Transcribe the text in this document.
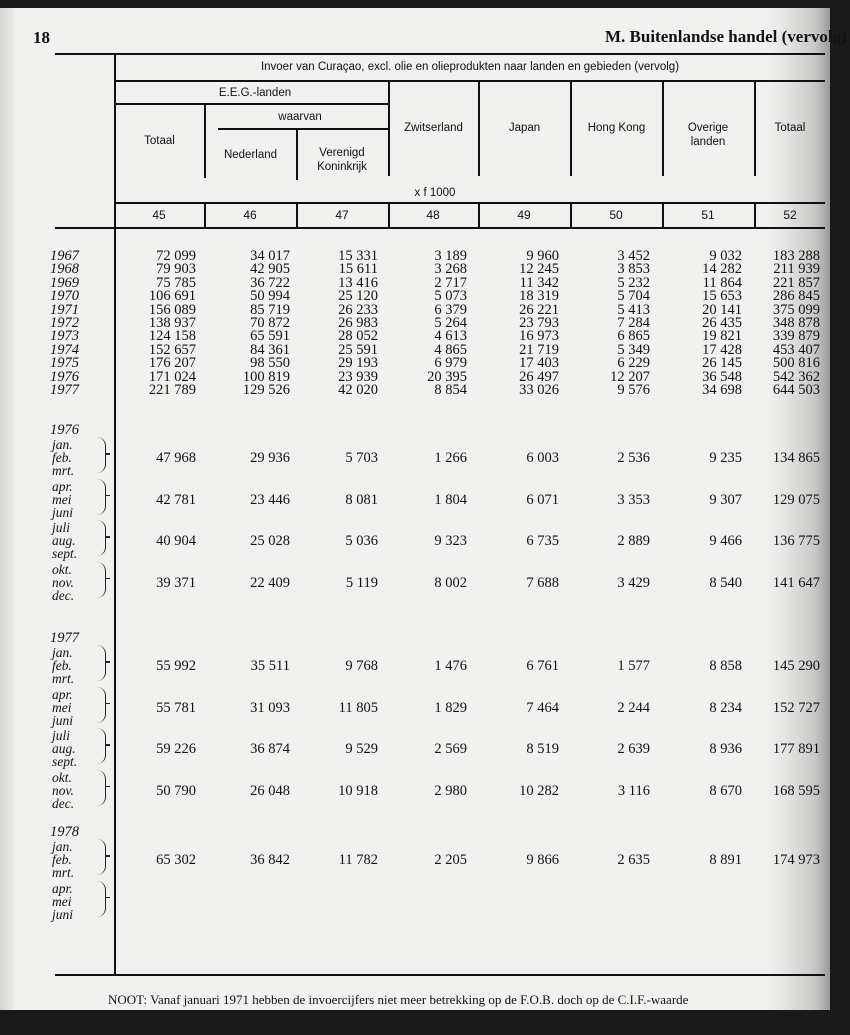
18	M. Buitenlandse handel (vervolg)
Invoer van Curaçao, excl. olie en olieprodukten naar landen en gebieden (vervolg)
E.E.G.-landen
waarvan
Totaal
Nederland	Verenigd Koninkrijk
Zwitserland	Japan	Hong Kong	Overige landen
Totaal
x f 1000
45	46	47	48	49	50	51	52
1967	72 099	34 017	15 331	3 189	9 960	3 452	9 032	183 288
1968	79 903	42 905	15 611	3 268	12 245	3 853	14 282	211 939
1969	75 785	36 722	13 416	2 717	11 342	5 232	11 864	221 857
1970	106 691	50 994	25 120	5 073	18 319	5 704	15 653	286 845
1971	156 089	85 719	26 233	6 379	26 221	5 413	20 141	375 099
1972	138 937	70 872	26 983	5 264	23 793	7 284	26 435	348 878
1973	124 158	65 591	28 052	4 613	16 973	6 865	19 821	339 879
1974	152 657	84 361	25 591	4 865	21 719	5 349	17 428	453 407
1975	176 207	98 550	29 193	6 979	17 403	6 229	26 145	500 816
1976	171 024	100 819	23 939	20 395	26 497	12 207	36 548	542 362
1977	221 789	129 526	42 020	8 854	33 026	9 576	34 698	644 503
1976
jan.
feb.
mrt.
47 968	29 936	5 703	1 266	6 003	2 536	9 235	134 865
apr.
mei
juni
42 781	23 446	8 081	1 804	6 071	3 353	9 307	129 075
juli
aug.
sept.
40 904	25 028	5 036	9 323	6 735	2 889	9 466	136 775
okt.
nov.
dec.
39 371	22 409	5 119	8 002	7 688	3 429	8 540	141 647
1977
jan.
feb.
mrt.
55 992	35 511	9 768	1 476	6 761	1 577	8 858	145 290
apr.
mei
juni
55 781	31 093	11 805	1 829	7 464	2 244	8 234	152 727
juli
aug.
sept.
59 226	36 874	9 529	2 569	8 519	2 639	8 936	177 891
okt.
nov.
dec.
50 790	26 048	10 918	2 980	10 282	3 116	8 670	168 595
1978
jan.
feb.
mrt.
65 302	36 842	11 782	2 205	9 866	2 635	8 891	174 973
apr.
mei
juni
NOOT: Vanaf januari 1971 hebben de invoercijfers niet meer betrekking op de F.O.B. doch op de C.I.F.-waarde
